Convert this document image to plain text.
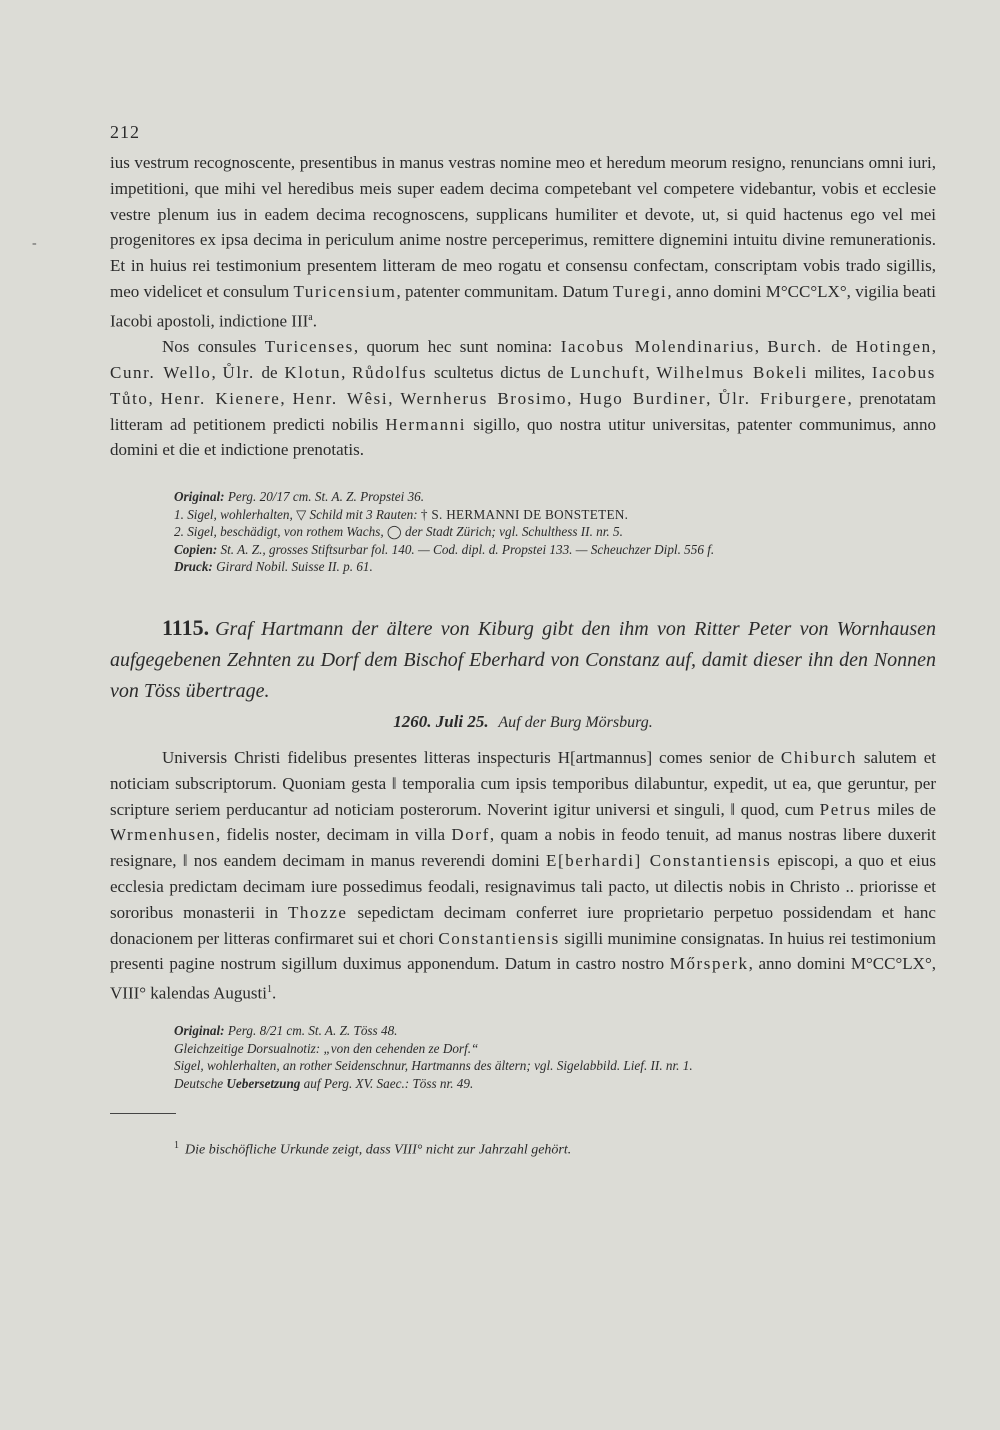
212
-

ius vestrum recognoscente, presentibus in manus vestras nomine meo et heredum meorum resigno, renuncians omni iuri, impetitioni, que mihi vel heredibus meis super eadem decima competebant vel competere videbantur, vobis et ecclesie vestre plenum ius in eadem decima recognoscens, supplicans humiliter et devote, ut, si quid hactenus ego vel mei progenitores ex ipsa decima in periculum anime nostre perceperimus, remittere dignemini intuitu divine remunerationis. Et in huius rei testimonium presentem litteram de meo rogatu et consensu confectam, conscriptam vobis trado sigillis, meo videlicet et consulum Turicensium, patenter communitam. Datum Turegi, anno domini M°CC°LX°, vigilia beati Iacobi apostoli, indictione III$^a$.

Nos consules Turicenses, quorum hec sunt nomina: Iacobus Molendinarius, Burch. de Hotingen, Cunr. Wello, Ůlr. de Klotun, Růdolfus scultetus dictus de Lunchuft, Wilhelmus Bokeli milites, Iacobus Tůto, Henr. Kienere, Henr. Wêsi, Wernherus Brosimo, Hugo Burdiner, Ůlr. Friburgere, prenotatam litteram ad petitionem predicti nobilis Hermanni sigillo, quo nostra utitur universitas, patenter communimus, anno domini et die et indictione prenotatis.

Original: Perg. 20/17 cm. St. A. Z. Propstei 36.
1. Sigel, wohlerhalten, ▽ Schild mit 3 Rauten: † S. HERMANNI DE BONSTETEN.
2. Sigel, beschädigt, von rothem Wachs, ◯ der Stadt Zürich; vgl. Schulthess II. nr. 5.
Copien: St. A. Z., grosses Stiftsurbar fol. 140. — Cod. dipl. d. Propstei 133. — Scheuchzer Dipl. 556 f.
Druck: Girard Nobil. Suisse II. p. 61.
1115. Graf Hartmann der ältere von Kiburg gibt den ihm von Ritter Peter von Wornhausen aufgegebenen Zehnten zu Dorf dem Bischof Eberhard von Constanz auf, damit dieser ihn den Nonnen von Töss übertrage.
1260. Juli 25. Auf der Burg Mörsburg.

Universis Christi fidelibus presentes litteras inspecturis H[artmannus] comes senior de Chiburch salutem et noticiam subscriptorum. Quoniam gesta ‖ temporalia cum ipsis temporibus dilabuntur, expedit, ut ea, que geruntur, per scripture seriem perducantur ad noticiam posterorum. Noverint igitur universi et singuli, ‖ quod, cum Petrus miles de Wrmenhusen, fidelis noster, decimam in villa Dorf, quam a nobis in feodo tenuit, ad manus nostras libere duxerit resignare, ‖ nos eandem decimam in manus reverendi domini E[berhardi] Constantiensis episcopi, a quo et eius ecclesia predictam decimam iure possedimus feodali, resignavimus tali pacto, ut dilectis nobis in Christo .. priorisse et sororibus monasterii in Thozze sepedictam decimam conferret iure proprietario perpetuo possidendam et hanc donacionem per litteras confirmaret sui et chori Constantiensis sigilli munimine consignatas. In huius rei testimonium presenti pagine nostrum sigillum duximus apponendum. Datum in castro nostro Mőrsperk, anno domini M°CC°LX°, VIII° kalendas Augusti$^1$.

Original: Perg. 8/21 cm. St. A. Z. Töss 48.
Gleichzeitige Dorsualnotiz: „von den cehenden ze Dorf.“
Sigel, wohlerhalten, an rother Seidenschnur, Hartmanns des ältern; vgl. Sigelabbild. Lief. II. nr. 1.
Deutsche Uebersetzung auf Perg. XV. Saec.: Töss nr. 49.
$^1$ Die bischöfliche Urkunde zeigt, dass VIII° nicht zur Jahrzahl gehört.
